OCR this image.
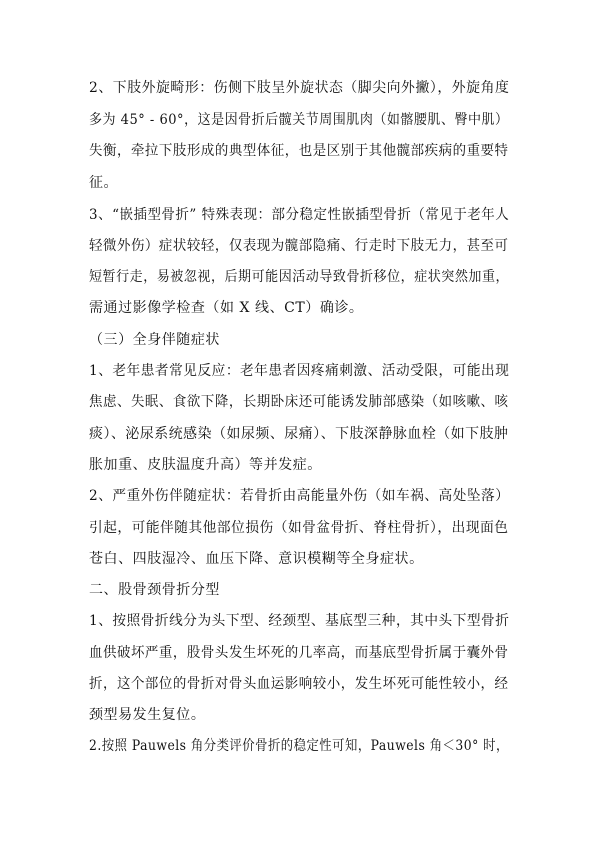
2、下肢外旋畸形：伤侧下肢呈外旋状态（脚尖向外撇），外旋角度
多为 45° - 60°，这是因骨折后髋关节周围肌肉（如髂腰肌、臀中肌）
失衡，牵拉下肢形成的典型体征，也是区别于其他髋部疾病的重要特
征。
3、“嵌插型骨折” 特殊表现：部分稳定性嵌插型骨折（常见于老年人
轻微外伤）症状较轻，仅表现为髋部隐痛、行走时下肢无力，甚至可
短暂行走，易被忽视，后期可能因活动导致骨折移位，症状突然加重，
需通过影像学检查（如 X 线、CT）确诊。
（三）全身伴随症状
1、老年患者常见反应：老年患者因疼痛刺激、活动受限，可能出现
焦虑、失眠、食欲下降，长期卧床还可能诱发肺部感染（如咳嗽、咳
痰）、泌尿系统感染（如尿频、尿痛）、下肢深静脉血栓（如下肢肿
胀加重、皮肤温度升高）等并发症。
2、严重外伤伴随症状：若骨折由高能量外伤（如车祸、高处坠落）
引起，可能伴随其他部位损伤（如骨盆骨折、脊柱骨折），出现面色
苍白、四肢湿冷、血压下降、意识模糊等全身症状。
二、股骨颈骨折分型
1、按照骨折线分为头下型、经颈型、基底型三种，其中头下型骨折
血供破坏严重，股骨头发生坏死的几率高，而基底型骨折属于囊外骨
折，这个部位的骨折对骨头血运影响较小，发生坏死可能性较小，经
颈型易发生复位。
2.按照 Pauwels 角分类评价骨折的稳定性可知，Pauwels 角＜30° 时，
